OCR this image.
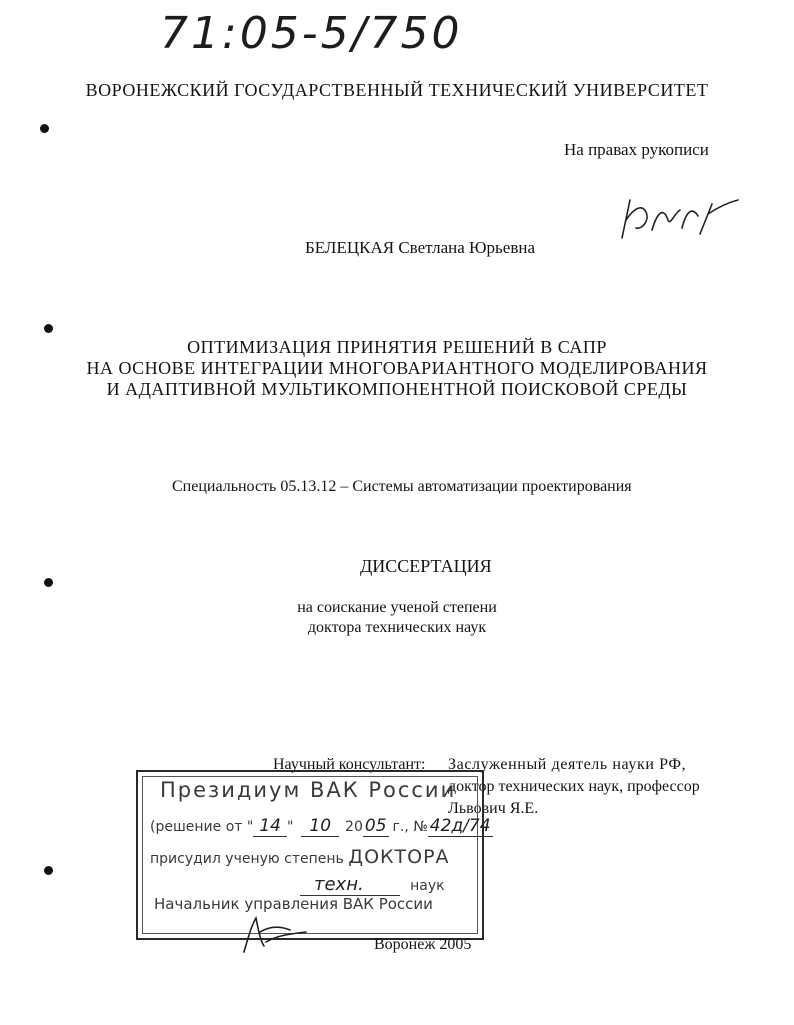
71:05-5/750
ВОРОНЕЖСКИЙ ГОСУДАРСТВЕННЫЙ ТЕХНИЧЕСКИЙ УНИВЕРСИТЕТ
На правах рукописи
БЕЛЕЦКАЯ Светлана Юрьевна
ОПТИМИЗАЦИЯ ПРИНЯТИЯ РЕШЕНИЙ В САПР
НА ОСНОВЕ ИНТЕГРАЦИИ МНОГОВАРИАНТНОГО МОДЕЛИРОВАНИЯ
И АДАПТИВНОЙ МУЛЬТИКОМПОНЕНТНОЙ ПОИСКОВОЙ СРЕДЫ
Специальность 05.13.12 – Системы автоматизации проектирования
ДИССЕРТАЦИЯ
на соискание ученой степени
доктора технических наук
Научный консультант: Заслуженный деятель науки РФ,
доктор технических наук, профессор
Львович Я.Е.
Президиум ВАК России
(решение от " 14 " 10 20 05 г., № 42д/74
присудил ученую степень ДОКТОРА
техн.	наук
Начальник управления ВАК России
Воронеж 2005
